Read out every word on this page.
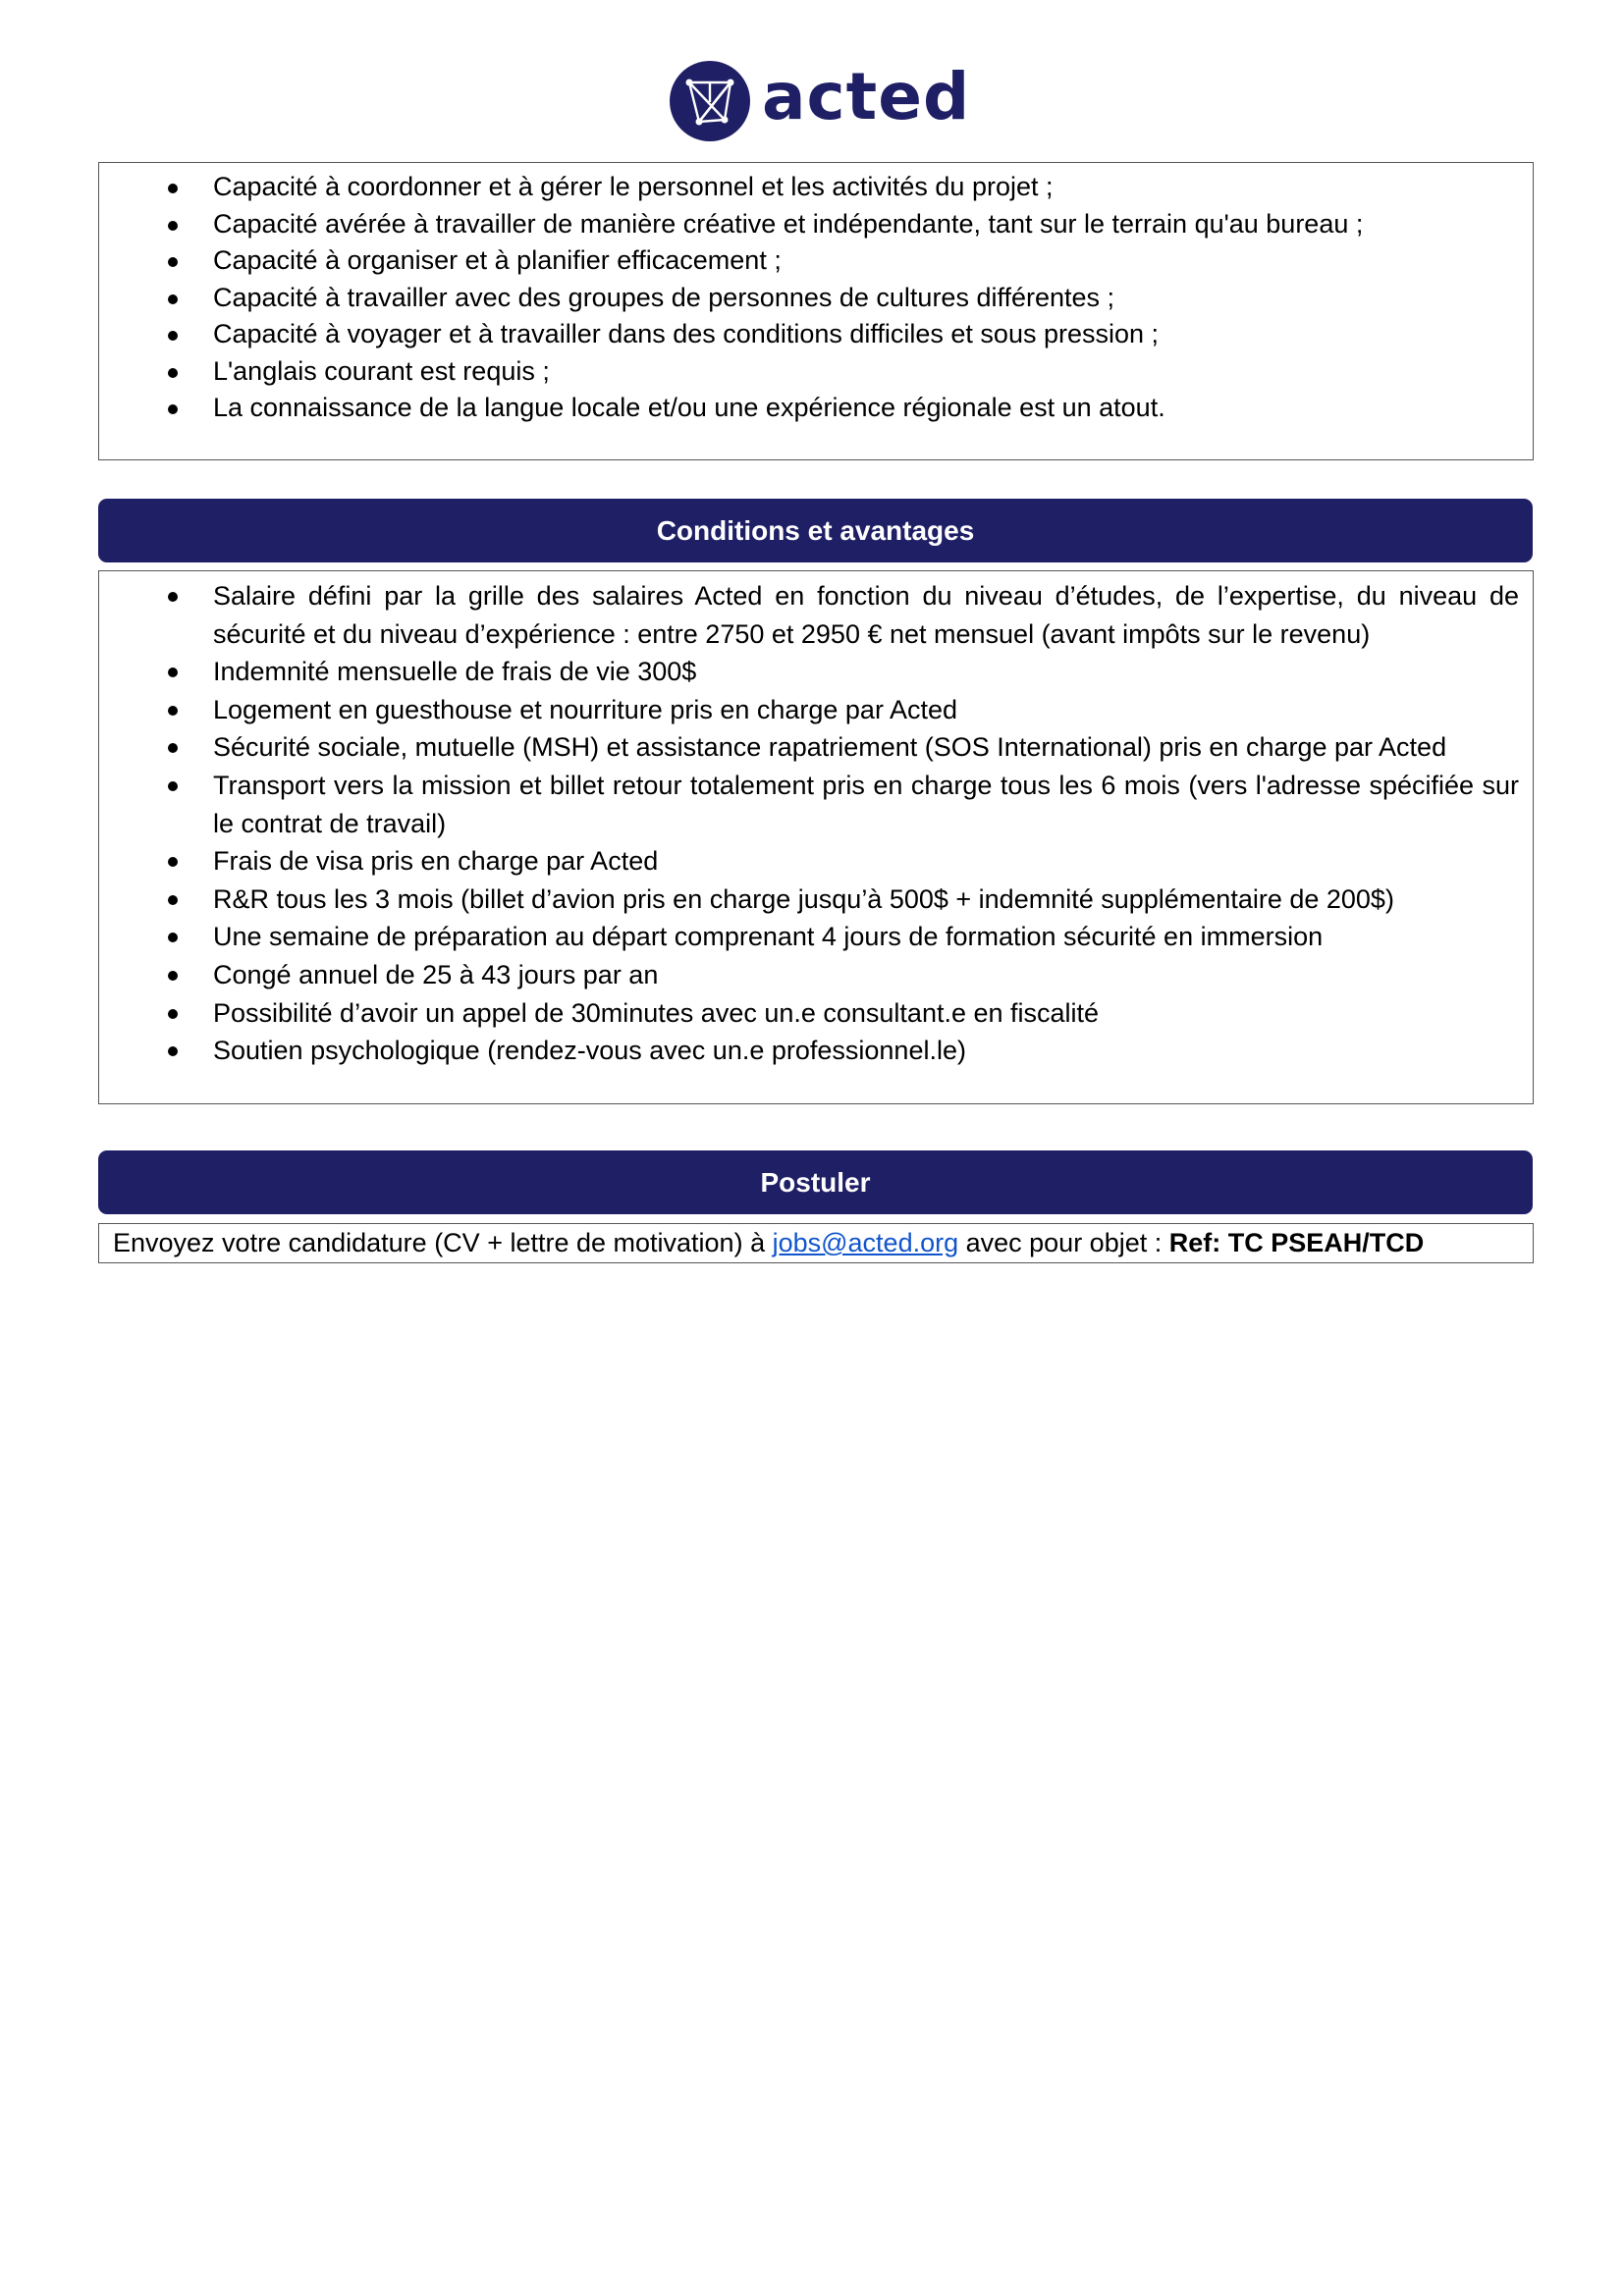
acted
Capacité à coordonner et à gérer le personnel et les activités du projet ;
Capacité avérée à travailler de manière créative et indépendante, tant sur le terrain qu'au bureau ;
Capacité à organiser et à planifier efficacement ;
Capacité à travailler avec des groupes de personnes de cultures différentes ;
Capacité à voyager et à travailler dans des conditions difficiles et sous pression ;
L'anglais courant est requis ;
La connaissance de la langue locale et/ou une expérience régionale est un atout.
Conditions et avantages
Salaire défini par la grille des salaires Acted en fonction du niveau d’études, de l’expertise, du niveau de sécurité et du niveau d’expérience : entre 2750 et 2950 € net mensuel (avant impôts sur le revenu)
Indemnité mensuelle de frais de vie 300$
Logement en guesthouse et nourriture pris en charge par Acted
Sécurité sociale, mutuelle (MSH) et assistance rapatriement (SOS International) pris en charge par Acted
Transport vers la mission et billet retour totalement pris en charge tous les 6 mois (vers l'adresse spécifiée sur le contrat de travail)
Frais de visa pris en charge par Acted
R&R tous les 3 mois (billet d’avion pris en charge jusqu’à 500$ + indemnité supplémentaire de 200$)
Une semaine de préparation au départ comprenant 4 jours de formation sécurité en immersion
Congé annuel de 25 à 43 jours par an
Possibilité d’avoir un appel de 30minutes avec un.e consultant.e en fiscalité
Soutien psychologique (rendez-vous avec un.e professionnel.le)
Postuler
Envoyez votre candidature (CV + lettre de motivation) à jobs@acted.org avec pour objet : Ref: TC PSEAH/TCD
